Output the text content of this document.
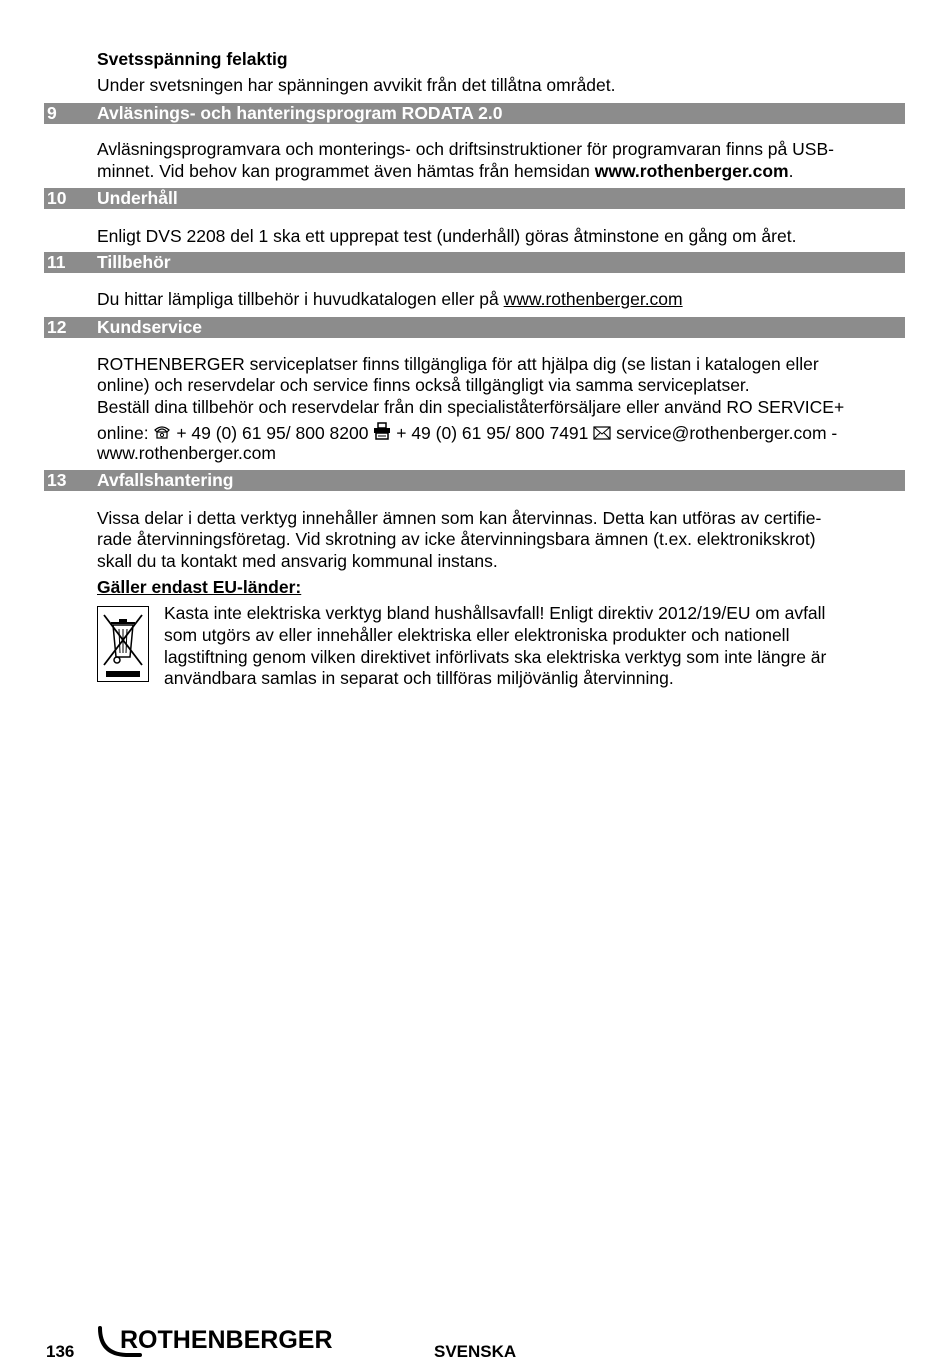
Svetsspänning felaktig
Under svetsningen har spänningen avvikit från det tillåtna området.
9 Avläsnings- och hanteringsprogram RODATA 2.0
Avläsningsprogramvara och monterings- och driftsinstruktioner för programvaran finns på USB-
minnet. Vid behov kan programmet även hämtas från hemsidan www.rothenberger.com.
10 Underhåll
Enligt DVS 2208 del 1 ska ett upprepat test (underhåll) göras åtminstone en gång om året.
11 Tillbehör
Du hittar lämpliga tillbehör i huvudkatalogen eller på www.rothenberger.com
12 Kundservice
ROTHENBERGER serviceplatser finns tillgängliga för att hjälpa dig (se listan i katalogen eller
online) och reservdelar och service finns också tillgängligt via samma serviceplatser.
Beställ dina tillbehör och reservdelar från din specialiståterförsäljare eller använd RO SERVICE+
online:  + 49 (0) 61 95/ 800 8200 + 49 (0) 61 95/ 800 7491 service@rothenberger.com -
www.rothenberger.com
13 Avfallshantering
Vissa delar i detta verktyg innehåller ämnen som kan återvinnas. Detta kan utföras av certifie-
rade återvinningsföretag. Vid skrotning av icke återvinningsbara ämnen (t.ex. elektronikskrot)
skall du ta kontakt med ansvarig kommunal instans.
Gäller endast EU-länder:
Kasta inte elektriska verktyg bland hushållsavfall! Enligt direktiv 2012/19/EU om avfall
som utgörs av eller innehåller elektriska eller elektroniska produkter och nationell
lagstiftning genom vilken direktivet införlivats ska elektriska verktyg som inte längre är
användbara samlas in separat och tillföras miljövänlig återvinning.
136 ROTHENBERGER	SVENSKA
